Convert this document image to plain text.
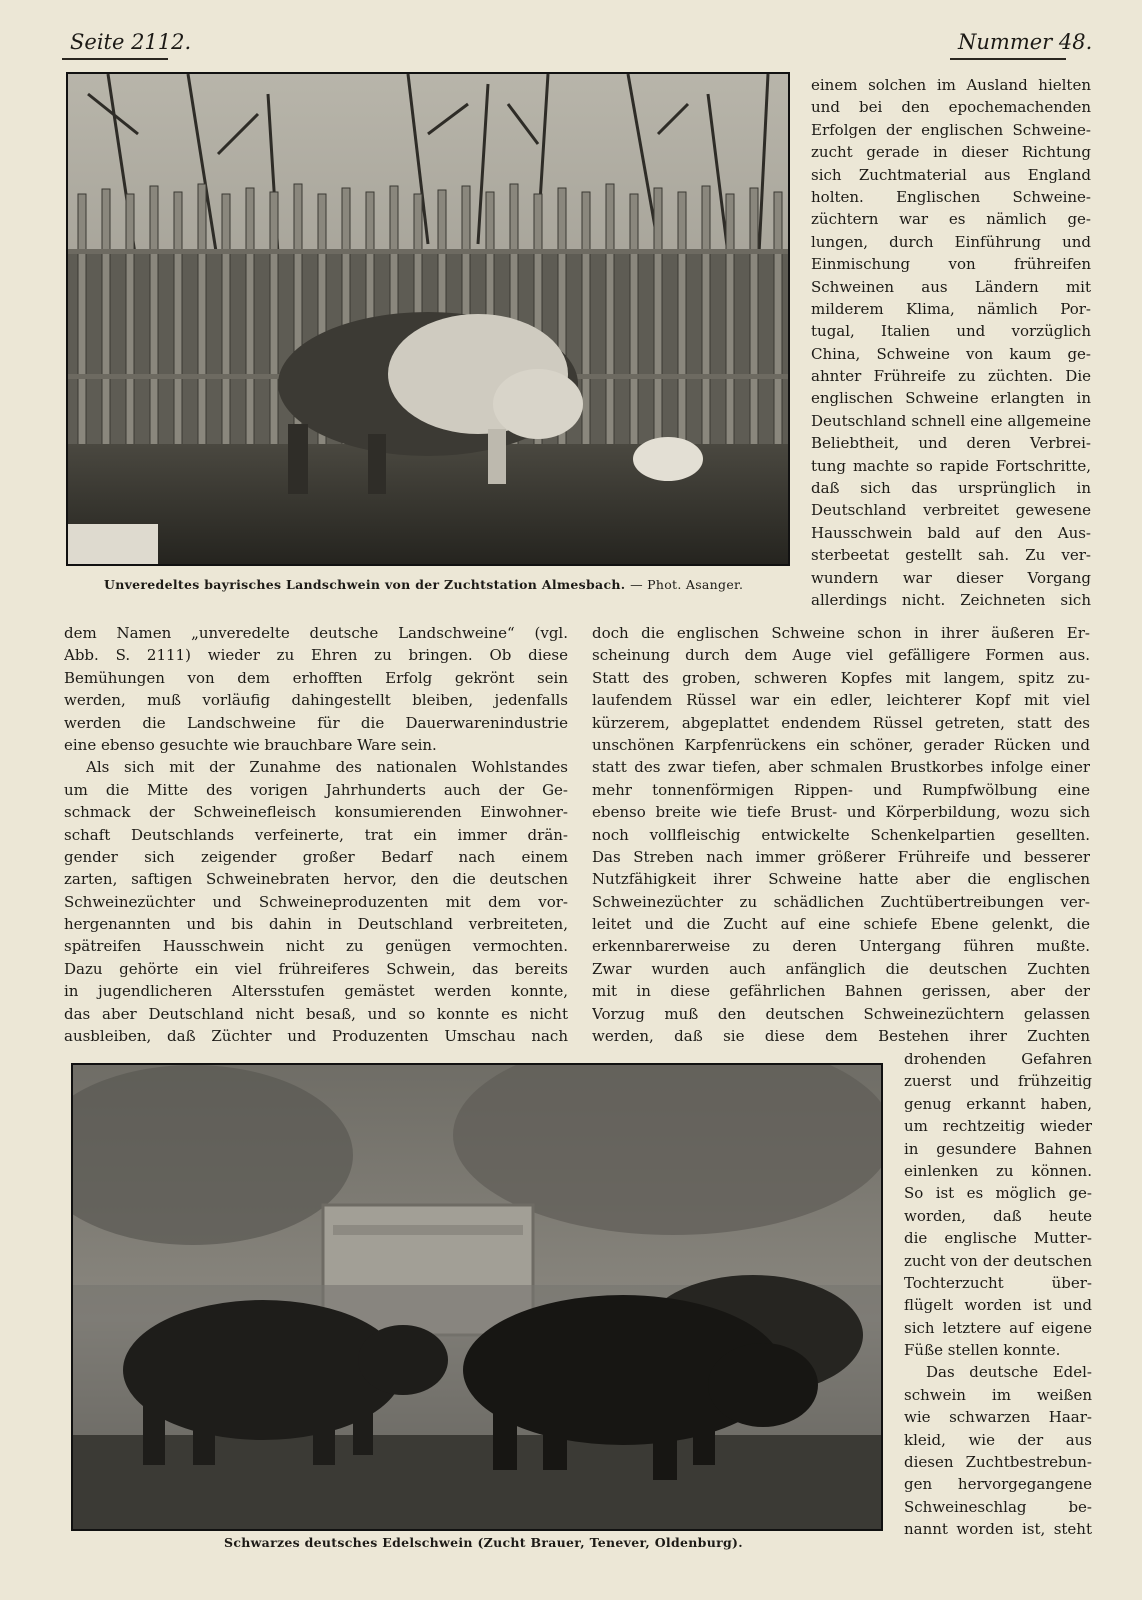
Seite 2112.	Nummer 48.
Unveredeltes bayrisches Landschwein von der Zuchtstation Almesbach. — Phot. Asanger.
einem solchen im Ausland hielten
und bei den epochemachenden
Erfolgen der englischen Schweine-
zucht gerade in dieser Richtung
sich Zuchtmaterial aus England
holten. Englischen Schweine-
züchtern war es nämlich ge-
lungen, durch Einführung und
Einmischung von frühreifen
Schweinen aus Ländern mit
milderem Klima, nämlich Por-
tugal, Italien und vorzüglich
China, Schweine von kaum ge-
ahnter Frühreife zu züchten. Die
englischen Schweine erlangten in
Deutschland schnell eine allgemeine
Beliebtheit, und deren Verbrei-
tung machte so rapide Fortschritte,
daß sich das ursprünglich in
Deutschland verbreitet gewesene
Hausschwein bald auf den Aus-
sterbeetat gestellt sah. Zu ver-
wundern war dieser Vorgang
allerdings nicht. Zeichneten sich
dem Namen „unveredelte deutsche Landschweine“ (vgl.
Abb. S. 2111) wieder zu Ehren zu bringen. Ob diese
Bemühungen von dem erhofften Erfolg gekrönt sein
werden, muß vorläufig dahingestellt bleiben, jedenfalls
werden die Landschweine für die Dauerwarenindustrie
eine ebenso gesuchte wie brauchbare Ware sein.
Als sich mit der Zunahme des nationalen Wohlstandes
um die Mitte des vorigen Jahrhunderts auch der Ge-
schmack der Schweinefleisch konsumierenden Einwohner-
schaft Deutschlands verfeinerte, trat ein immer drän-
gender sich zeigender großer Bedarf nach einem
zarten, saftigen Schweinebraten hervor, den die deutschen
Schweinezüchter und Schweineproduzenten mit dem vor-
hergenannten und bis dahin in Deutschland verbreiteten,
spätreifen Hausschwein nicht zu genügen vermochten.
Dazu gehörte ein viel frühreiferes Schwein, das bereits
in jugendlicheren Altersstufen gemästet werden konnte,
das aber Deutschland nicht besaß, und so konnte es nicht
ausbleiben, daß Züchter und Produzenten Umschau nach
doch die englischen Schweine schon in ihrer äußeren Er-
scheinung durch dem Auge viel gefälligere Formen aus.
Statt des groben, schweren Kopfes mit langem, spitz zu-
laufendem Rüssel war ein edler, leichterer Kopf mit viel
kürzerem, abgeplattet endendem Rüssel getreten, statt des
unschönen Karpfenrückens ein schöner, gerader Rücken und
statt des zwar tiefen, aber schmalen Brustkorbes infolge einer
mehr tonnenförmigen Rippen- und Rumpfwölbung eine
ebenso breite wie tiefe Brust- und Körperbildung, wozu sich
noch vollfleischig entwickelte Schenkelpartien gesellten.
Das Streben nach immer größerer Frühreife und besserer
Nutzfähigkeit ihrer Schweine hatte aber die englischen
Schweinezüchter zu schädlichen Zuchtübertreibungen ver-
leitet und die Zucht auf eine schiefe Ebene gelenkt, die
erkennbarerweise zu deren Untergang führen mußte.
Zwar wurden auch anfänglich die deutschen Zuchten
mit in diese gefährlichen Bahnen gerissen, aber der
Vorzug muß den deutschen Schweinezüchtern gelassen
werden, daß sie diese dem Bestehen ihrer Zuchten
Schwarzes deutsches Edelschwein (Zucht Brauer, Tenever, Oldenburg).
drohenden Gefahren
zuerst und frühzeitig
genug erkannt haben,
um rechtzeitig wieder
in gesundere Bahnen
einlenken zu können.
So ist es möglich ge-
worden, daß heute
die englische Mutter-
zucht von der deutschen
Tochterzucht über-
flügelt worden ist und
sich letztere auf eigene
Füße stellen konnte.
Das deutsche Edel-
schwein im weißen
wie schwarzen Haar-
kleid, wie der aus
diesen Zuchtbestrebun-
gen hervorgegangene
Schweineschlag be-
nannt worden ist, steht
